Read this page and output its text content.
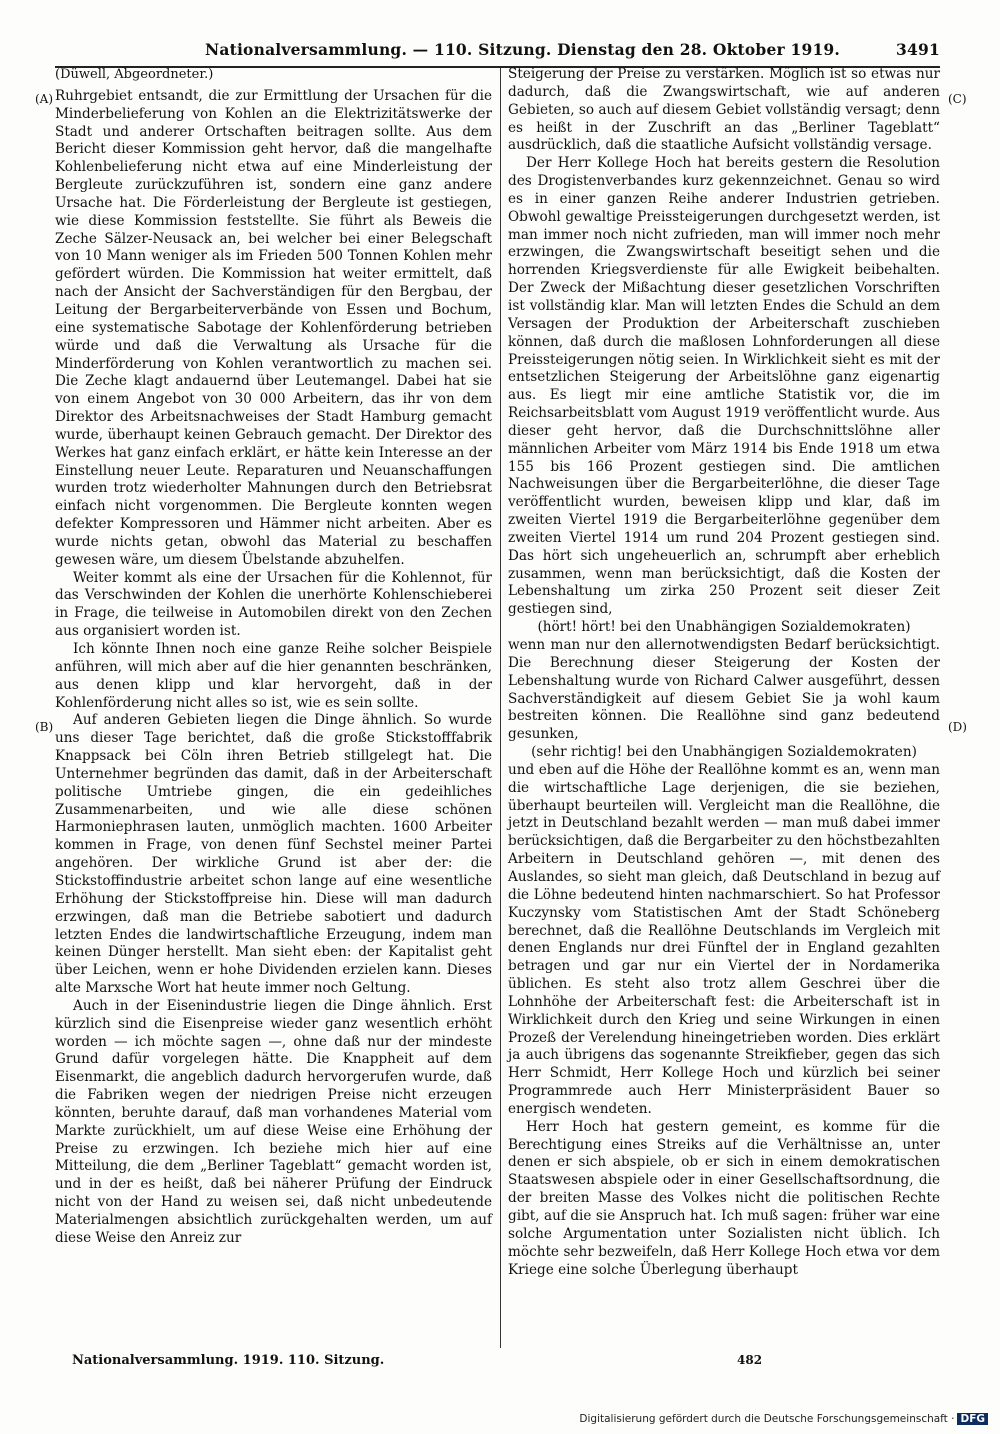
Nationalversammlung. — 110. Sitzung. Dienstag den 28. Oktober 1919.	3491
(A)
(B)
(C)
(D)

(Düwell, Abgeordneter.)

Ruhrgebiet entsandt, die zur Ermittlung der Ursachen für die Minderbelieferung von Kohlen an die Elektrizitätswerke der Stadt und anderer Ortschaften beitragen sollte. Aus dem Bericht dieser Kommission geht hervor, daß die mangelhafte Kohlenbelieferung nicht etwa auf eine Minderleistung der Bergleute zurückzuführen ist, sondern eine ganz andere Ursache hat. Die Förderleistung der Bergleute ist gestiegen, wie diese Kommission feststellte. Sie führt als Beweis die Zeche Sälzer-Neusack an, bei welcher bei einer Belegschaft von 10 Mann weniger als im Frieden 500 Tonnen Kohlen mehr gefördert würden. Die Kommission hat weiter ermittelt, daß nach der Ansicht der Sachverständigen für den Bergbau, der Leitung der Bergarbeiterverbände von Essen und Bochum, eine systematische Sabotage der Kohlenförderung betrieben würde und daß die Verwaltung als Ursache für die Minderförderung von Kohlen verantwortlich zu machen sei. Die Zeche klagt andauernd über Leutemangel. Dabei hat sie von einem Angebot von 30 000 Arbeitern, das ihr von dem Direktor des Arbeitsnachweises der Stadt Hamburg gemacht wurde, überhaupt keinen Gebrauch gemacht. Der Direktor des Werkes hat ganz einfach erklärt, er hätte kein Interesse an der Einstellung neuer Leute. Reparaturen und Neuanschaffungen wurden trotz wiederholter Mahnungen durch den Betriebsrat einfach nicht vorgenommen. Die Bergleute konnten wegen defekter Kompressoren und Hämmer nicht arbeiten. Aber es wurde nichts getan, obwohl das Material zu beschaffen gewesen wäre, um diesem Übelstande abzuhelfen.

Weiter kommt als eine der Ursachen für die Kohlennot, für das Verschwinden der Kohlen die unerhörte Kohlenschieberei in Frage, die teilweise in Automobilen direkt von den Zechen aus organisiert worden ist.

Ich könnte Ihnen noch eine ganze Reihe solcher Beispiele anführen, will mich aber auf die hier genannten beschränken, aus denen klipp und klar hervorgeht, daß in der Kohlenförderung nicht alles so ist, wie es sein sollte.

Auf anderen Gebieten liegen die Dinge ähnlich. So wurde uns dieser Tage berichtet, daß die große Stickstofffabrik Knappsack bei Cöln ihren Betrieb stillgelegt hat. Die Unternehmer begründen das damit, daß in der Arbeiterschaft politische Umtriebe gingen, die ein gedeihliches Zusammenarbeiten, und wie alle diese schönen Harmoniephrasen lauten, unmöglich machten. 1600 Arbeiter kommen in Frage, von denen fünf Sechstel meiner Partei angehören. Der wirkliche Grund ist aber der: die Stickstoffindustrie arbeitet schon lange auf eine wesentliche Erhöhung der Stickstoffpreise hin. Diese will man dadurch erzwingen, daß man die Betriebe sabotiert und dadurch letzten Endes die landwirtschaftliche Erzeugung, indem man keinen Dünger herstellt. Man sieht eben: der Kapitalist geht über Leichen, wenn er hohe Dividenden erzielen kann. Dieses alte Marxsche Wort hat heute immer noch Geltung.

Auch in der Eisenindustrie liegen die Dinge ähnlich. Erst kürzlich sind die Eisenpreise wieder ganz wesentlich erhöht worden — ich möchte sagen —, ohne daß nur der mindeste Grund dafür vorgelegen hätte. Die Knappheit auf dem Eisenmarkt, die angeblich dadurch hervorgerufen wurde, daß die Fabriken wegen der niedrigen Preise nicht erzeugen könnten, beruhte darauf, daß man vorhandenes Material vom Markte zurückhielt, um auf diese Weise eine Erhöhung der Preise zu erzwingen. Ich beziehe mich hier auf eine Mitteilung, die dem „Berliner Tageblatt“ gemacht worden ist, und in der es heißt, daß bei näherer Prüfung der Eindruck nicht von der Hand zu weisen sei, daß nicht unbedeutende Materialmengen absichtlich zurückgehalten werden, um auf diese Weise den Anreiz zur

Steigerung der Preise zu verstärken. Möglich ist so etwas nur dadurch, daß die Zwangswirtschaft, wie auf anderen Gebieten, so auch auf diesem Gebiet vollständig versagt; denn es heißt in der Zuschrift an das „Berliner Tageblatt“ ausdrücklich, daß die staatliche Aufsicht vollständig versage.

Der Herr Kollege Hoch hat bereits gestern die Resolution des Drogistenverbandes kurz gekennzeichnet. Genau so wird es in einer ganzen Reihe anderer Industrien getrieben. Obwohl gewaltige Preissteigerungen durchgesetzt werden, ist man immer noch nicht zufrieden, man will immer noch mehr erzwingen, die Zwangswirtschaft beseitigt sehen und die horrenden Kriegsverdienste für alle Ewigkeit beibehalten. Der Zweck der Mißachtung dieser gesetzlichen Vorschriften ist vollständig klar. Man will letzten Endes die Schuld an dem Versagen der Produktion der Arbeiterschaft zuschieben können, daß durch die maßlosen Lohnforderungen all diese Preissteigerungen nötig seien. In Wirklichkeit sieht es mit der entsetzlichen Steigerung der Arbeitslöhne ganz eigenartig aus. Es liegt mir eine amtliche Statistik vor, die im Reichsarbeitsblatt vom August 1919 veröffentlicht wurde. Aus dieser geht hervor, daß die Durchschnittslöhne aller männlichen Arbeiter vom März 1914 bis Ende 1918 um etwa 155 bis 166 Prozent gestiegen sind. Die amtlichen Nachweisungen über die Bergarbeiterlöhne, die dieser Tage veröffentlicht wurden, beweisen klipp und klar, daß im zweiten Viertel 1919 die Bergarbeiterlöhne gegenüber dem zweiten Viertel 1914 um rund 204 Prozent gestiegen sind. Das hört sich ungeheuerlich an, schrumpft aber erheblich zusammen, wenn man berücksichtigt, daß die Kosten der Lebenshaltung um zirka 250 Prozent seit dieser Zeit gestiegen sind,

(hört! hört! bei den Unabhängigen Sozialdemokraten)

wenn man nur den allernotwendigsten Bedarf berücksichtigt. Die Berechnung dieser Steigerung der Kosten der Lebenshaltung wurde von Richard Calwer ausgeführt, dessen Sachverständigkeit auf diesem Gebiet Sie ja wohl kaum bestreiten können. Die Reallöhne sind ganz bedeutend gesunken,

(sehr richtig! bei den Unabhängigen Sozialdemokraten)

und eben auf die Höhe der Reallöhne kommt es an, wenn man die wirtschaftliche Lage derjenigen, die sie beziehen, überhaupt beurteilen will. Vergleicht man die Reallöhne, die jetzt in Deutschland bezahlt werden — man muß dabei immer berücksichtigen, daß die Bergarbeiter zu den höchstbezahlten Arbeitern in Deutschland gehören —, mit denen des Auslandes, so sieht man gleich, daß Deutschland in bezug auf die Löhne bedeutend hinten nachmarschiert. So hat Professor Kuczynsky vom Statistischen Amt der Stadt Schöneberg berechnet, daß die Reallöhne Deutschlands im Vergleich mit denen Englands nur drei Fünftel der in England gezahlten betragen und gar nur ein Viertel der in Nordamerika üblichen. Es steht also trotz allem Geschrei über die Lohnhöhe der Arbeiterschaft fest: die Arbeiterschaft ist in Wirklichkeit durch den Krieg und seine Wirkungen in einen Prozeß der Verelendung hineingetrieben worden. Dies erklärt ja auch übrigens das sogenannte Streikfieber, gegen das sich Herr Schmidt, Herr Kollege Hoch und kürzlich bei seiner Programmrede auch Herr Ministerpräsident Bauer so energisch wendeten.

Herr Hoch hat gestern gemeint, es komme für die Berechtigung eines Streiks auf die Verhältnisse an, unter denen er sich abspiele, ob er sich in einem demokratischen Staatswesen abspiele oder in einer Gesellschaftsordnung, die der breiten Masse des Volkes nicht die politischen Rechte gibt, auf die sie Anspruch hat. Ich muß sagen: früher war eine solche Argumentation unter Sozialisten nicht üblich. Ich möchte sehr bezweifeln, daß Herr Kollege Hoch etwa vor dem Kriege eine solche Überlegung überhaupt

Nationalversammlung. 1919. 110. Sitzung.	482
Digitalisierung gefördert durch die Deutsche Forschungsgemeinschaft · DFG
